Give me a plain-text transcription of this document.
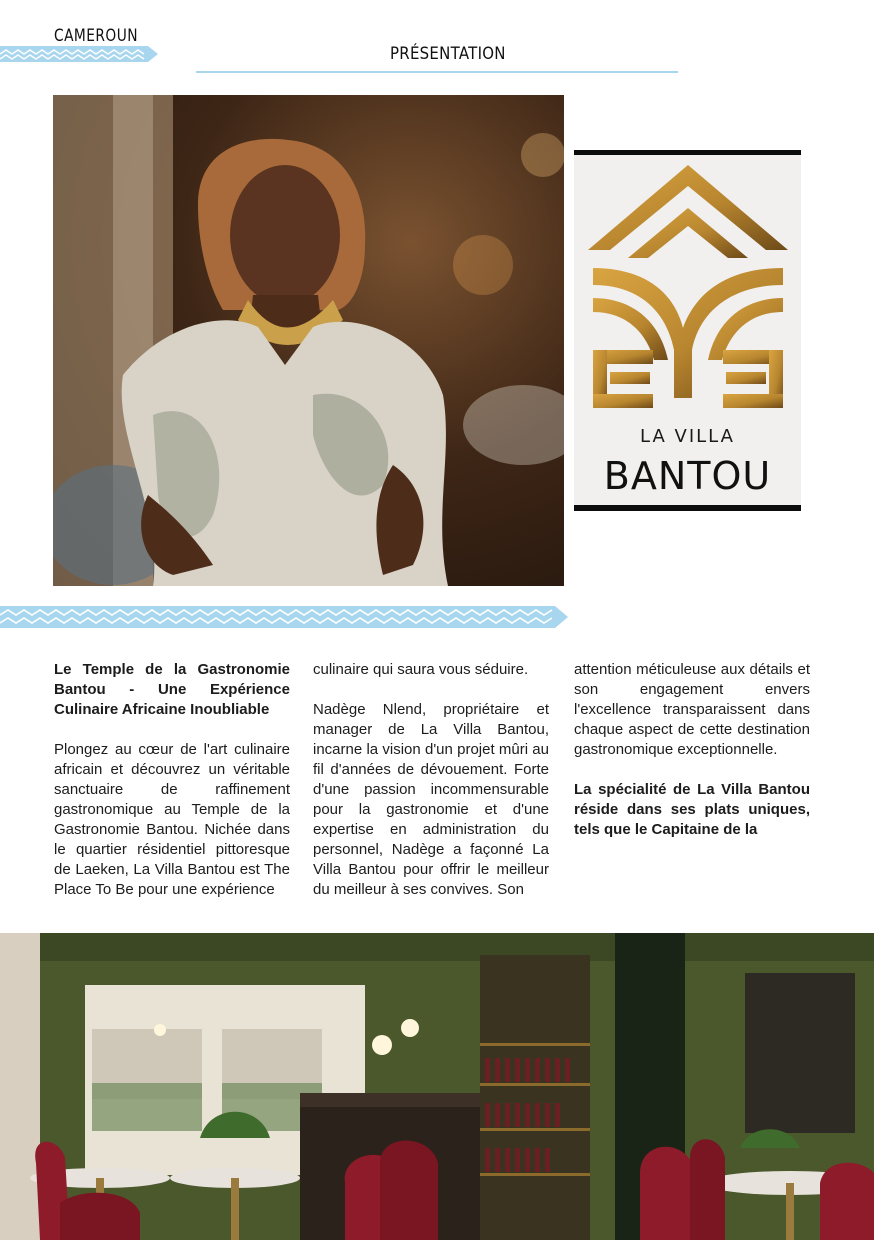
CAMEROUN
PRÉSENTATION
LA VILLA
BANTOU

Le Temple de la Gastronomie Bantou - Une Expérience Culinaire Africaine Inoubliable

Plongez au cœur de l'art culinaire africain et découvrez un véritable sanctuaire de raffinement gastronomique au Temple de la Gastronomie Bantou. Nichée dans le quartier résidentiel pittoresque de Laeken, La Villa Bantou est The Place To Be pour une expérience

culinaire qui saura vous séduire.

Nadège Nlend, propriétaire et manager de La Villa Bantou, incarne la vision d'un projet mûri au fil d'années de dévouement. Forte d'une passion incommensurable pour la gastronomie et d'une expertise en administration du personnel, Nadège a façonné La Villa Bantou pour offrir le meilleur du meilleur à ses convives. Son

attention méticuleuse aux détails et son engagement envers l'excellence transparaissent dans chaque aspect de cette destination gastronomique exceptionnelle.

La spécialité de La Villa Bantou réside dans ses plats uniques, tels que le Capitaine de la
